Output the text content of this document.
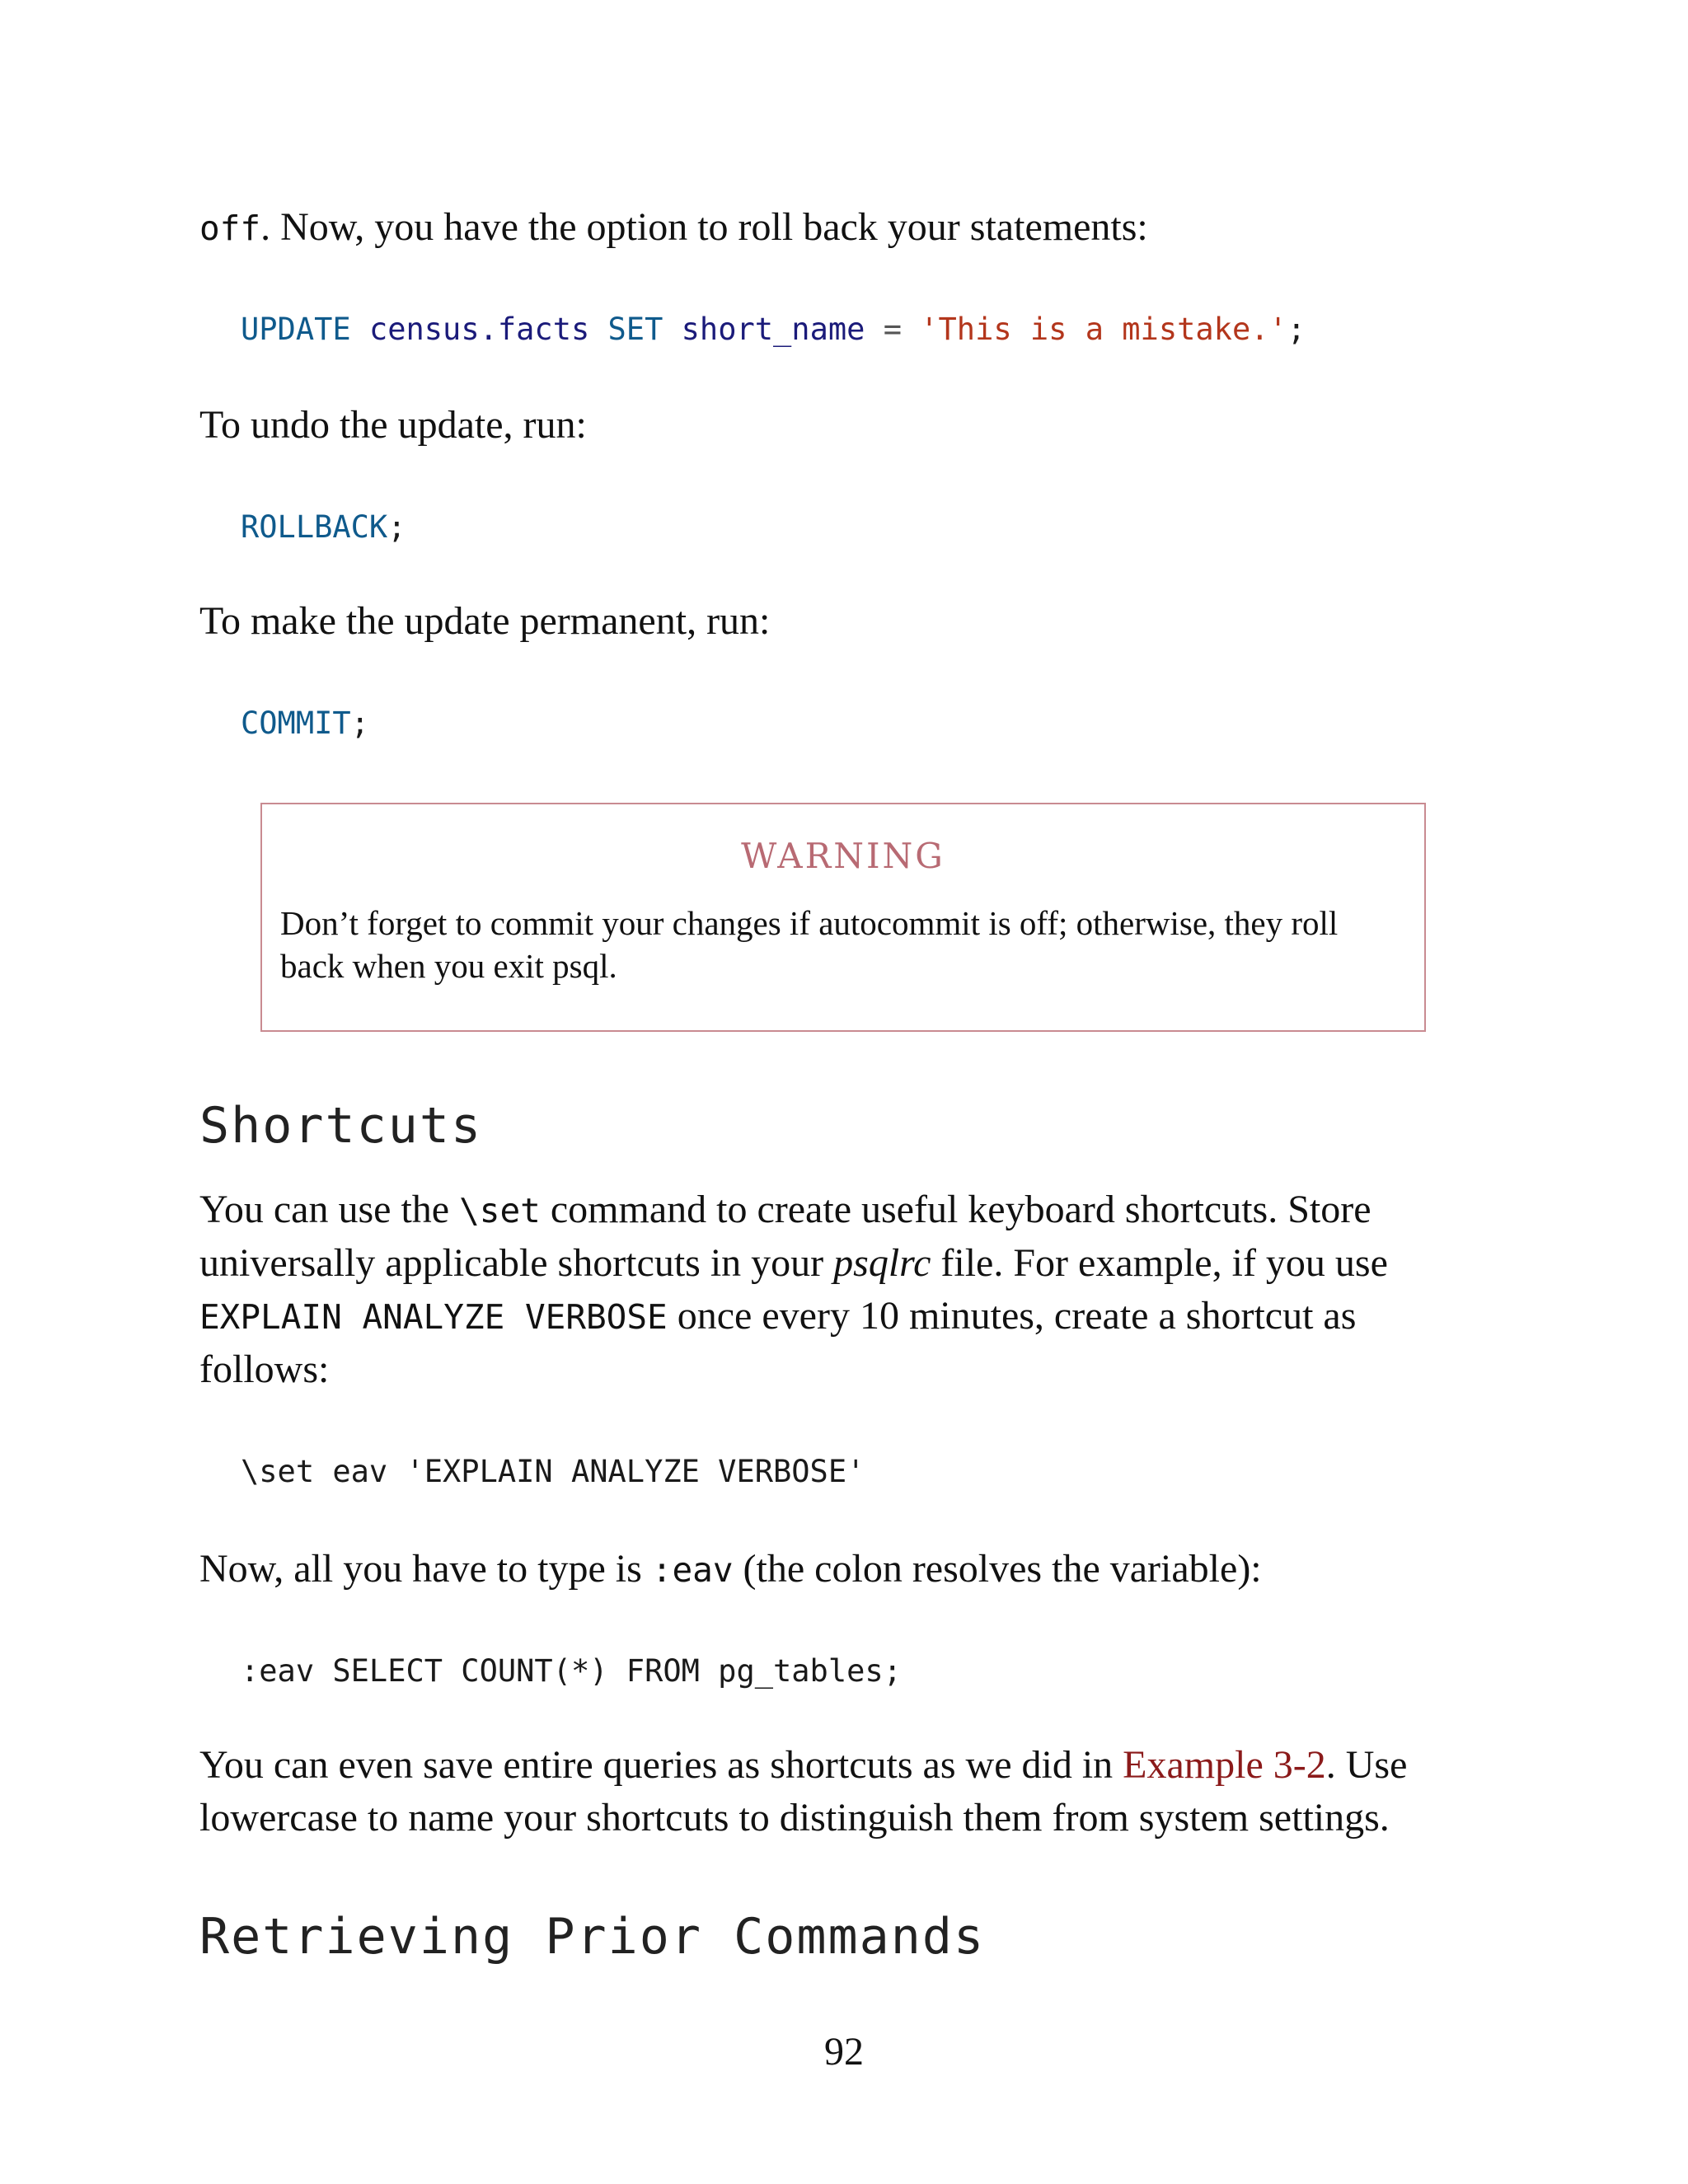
off. Now, you have the option to roll back your statements:

UPDATE census.facts SET short_name = 'This is a mistake.';

To undo the update, run:

ROLLBACK;

To make the update permanent, run:

COMMIT;

WARNING

Don’t forget to commit your changes if autocommit is off; otherwise, they roll back when you exit psql.

Shortcuts

You can use the \set command to create useful keyboard shortcuts. Store universally applicable shortcuts in your psqlrc file. For example, if you use
EXPLAIN ANALYZE VERBOSE once every 10 minutes, create a shortcut as follows:

\set eav 'EXPLAIN ANALYZE VERBOSE'

Now, all you have to type is :eav (the colon resolves the variable):

:eav SELECT COUNT(*) FROM pg_tables;

You can even save entire queries as shortcuts as we did in Example 3-2. Use lowercase to name your shortcuts to distinguish them from system settings.

Retrieving Prior Commands

92
